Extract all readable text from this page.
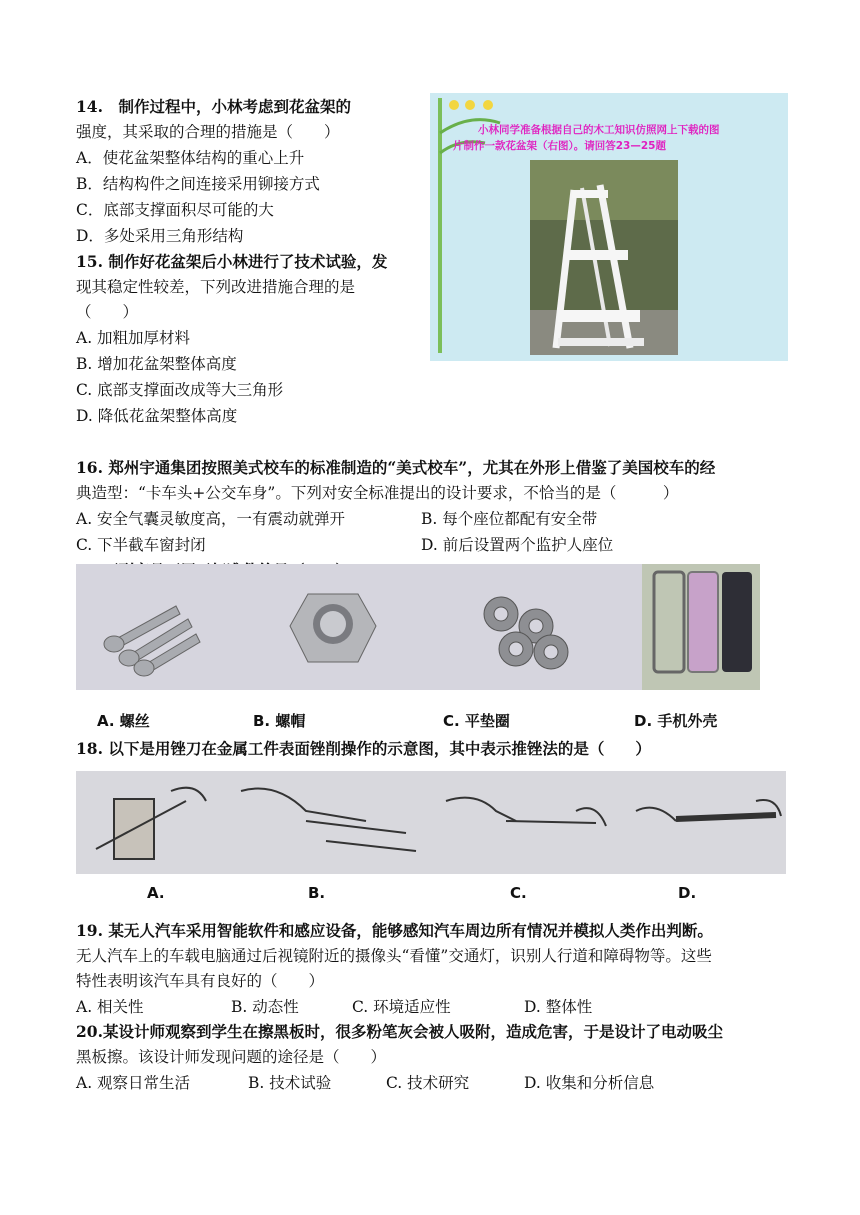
14.　制作过程中，小林考虑到花盆架的
强度，其采取的合理的措施是（　　）
A．使花盆架整体结构的重心上升
B．结构构件之间连接采用铆接方式
C．底部支撑面积尽可能的大
D．多处采用三角形结构
15. 制作好花盆架后小林进行了技术试验，发
现其稳定性较差，下列改进措施合理的是
（　　）
A. 加粗加厚材料
B. 增加花盆架整体高度
C. 底部支撑面改成等大三角形
D. 降低花盆架整体高度
小林同学准备根据自己的木工知识仿照网上下载的图
片制作一款花盆架（右图）。请回答23—25题
16. 郑州宇通集团按照美式校车的标准制造的“美式校车”，尤其在外形上借鉴了美国校车的经
典造型：“卡车头+公交车身”。下列对安全标准提出的设计要求，不恰当的是（　　　）
A. 安全气囊灵敏度高，一有震动就弹开	B. 每个座位都配有安全带
C. 下半截车窗封闭	D. 前后设置两个监护人座位
A. 螺丝	B. 螺帽	C. 平垫圈	D. 手机外壳
18. 以下是用锉刀在金属工件表面锉削操作的示意图，其中表示推锉法的是（　　）
A.	B.	C.	D.
19. 某无人汽车采用智能软件和感应设备，能够感知汽车周边所有情况并模拟人类作出判断。
无人汽车上的车载电脑通过后视镜附近的摄像头“看懂”交通灯，识别人行道和障碍物等。这些
特性表明该汽车具有良好的（　　）
A. 相关性	B. 动态性	C. 环境适应性	D. 整体性
20.某设计师观察到学生在擦黑板时，很多粉笔灰会被人吸附，造成危害，于是设计了电动吸尘
黑板擦。该设计师发现问题的途径是（　　）
A. 观察日常生活	B. 技术试验	C. 技术研究	D. 收集和分析信息
